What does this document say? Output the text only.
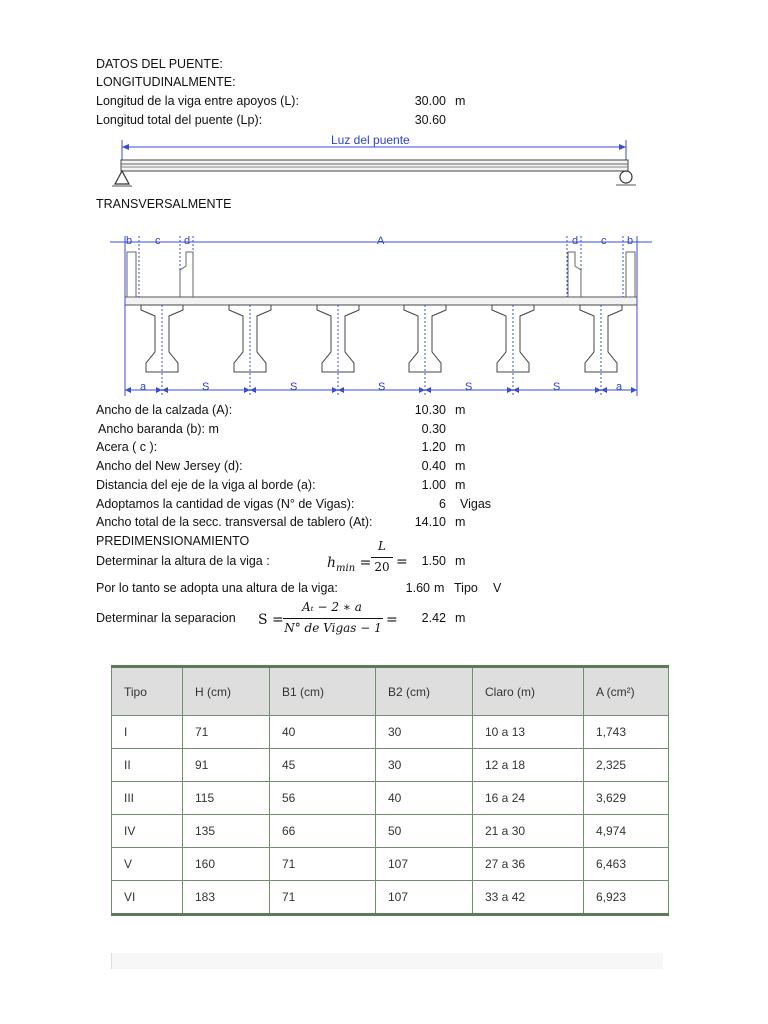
DATOS DEL PUENTE:
LONGITUDINALMENTE:
Longitud de la viga entre apoyos (L):	30.00 m
Longitud total del puente (Lp):	30.60
Luz del puente
TRANSVERSALMENTE
b c d	A	d c b
a	S	S	S	S	S	a
Ancho de la calzada (A):	10.30 m
Ancho baranda (b): m	0.30
Acera ( c ):	1.20 m
Ancho del New Jersey (d):	0.40 m
Distancia del eje de la viga al borde (a):	1.00 m
Adoptamos la cantidad de vigas (N° de Vigas):	6 Vigas
Ancho total de la secc. transversal de tablero (At):	14.10 m
PREDIMENSIONAMIENTO
Determinar la altura de la viga :	$h_{min}$ =
L
20 =	1.50 m
Por lo tanto se adopta una altura de la viga:	1.60 m Tipo V
Determinar la separacion S =
Aₜ − 2 ∗ a
N° de Vigas − 1 =	2.42 m
Tipo	H (cm)	B1 (cm)	B2 (cm)	Claro (m)	A (cm²)
I	71	40	30	10 a 13	1,743
II	91	45	30	12 a 18	2,325
III	115	56	40	16 a 24	3,629
IV	135	66	50	21 a 30	4,974
V	160	71	107	27 a 36	6,463
VI	183	71	107	33 a 42	6,923
